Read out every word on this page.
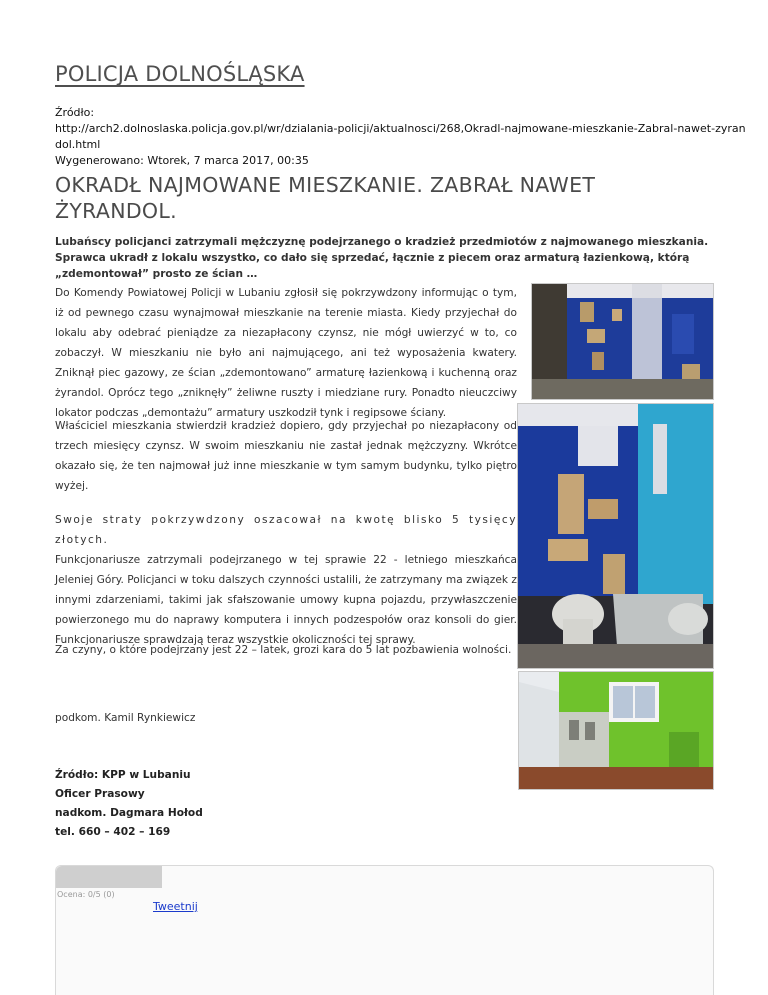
POLICJA DOLNOŚLĄSKA
Źródło:
http://arch2.dolnoslaska.policja.gov.pl/wr/dzialania-policji/aktualnosci/268,Okradl-najmowane-mieszkanie-Zabral-nawet-zyran
dol.html
Wygenerowano: Wtorek, 7 marca 2017, 00:35
OKRADŁ NAJMOWANE MIESZKANIE. ZABRAŁ NAWET
ŻYRANDOL.
Lubańscy policjanci zatrzymali mężczyznę podejrzanego o kradzież przedmiotów z najmowanego mieszkania.
Sprawca ukradł z lokalu wszystko, co dało się sprzedać, łącznie z piecem oraz armaturą łazienkową, którą
„zdemontował” prosto ze ścian …
Do Komendy Powiatowej Policji w Lubaniu zgłosił się pokrzywdzony informując o tym, iż od pewnego czasu wynajmował mieszkanie na terenie miasta. Kiedy przyjechał do lokalu aby odebrać pieniądze za niezapłacony czynsz, nie mógł uwierzyć w to, co zobaczył. W mieszkaniu nie było ani najmującego, ani też wyposażenia kwatery. Zniknął piec gazowy, ze ścian „zdemontowano” armaturę łazienkową i kuchenną oraz żyrandol. Oprócz tego „zniknęły” żeliwne ruszty i miedziane rury. Ponadto nieuczciwy lokator podczas „demontażu” armatury uszkodził tynk i regipsowe ściany.
Właściciel mieszkania stwierdził kradzież dopiero, gdy przyjechał po niezapłacony od trzech miesięcy czynsz. W swoim mieszkaniu nie zastał jednak mężczyzny. Wkrótce okazało się, że ten najmował już inne mieszkanie w tym samym budynku, tylko piętro wyżej.
Swoje straty pokrzywdzony oszacował na kwotę blisko 5 tysięcy złotych.
Funkcjonariusze zatrzymali podejrzanego w tej sprawie 22 - letniego mieszkańca Jeleniej Góry. Policjanci w toku dalszych czynności ustalili, że zatrzymany ma związek z innymi zdarzeniami, takimi jak sfałszowanie umowy kupna pojazdu, przywłaszczenie powierzonego mu do naprawy komputera i innych podzespołów oraz konsoli do gier. Funkcjonariusze sprawdzają teraz wszystkie okoliczności tej sprawy.
Za czyny, o które podejrzany jest 22 – latek, grozi kara do 5 lat pozbawienia wolności.
podkom. Kamil Rynkiewicz
Źródło: KPP w Lubaniu
Oficer Prasowy
nadkom. Dagmara Hołod
tel. 660 – 402 – 169
Ocena: 0/5 (0)
Tweetnij
